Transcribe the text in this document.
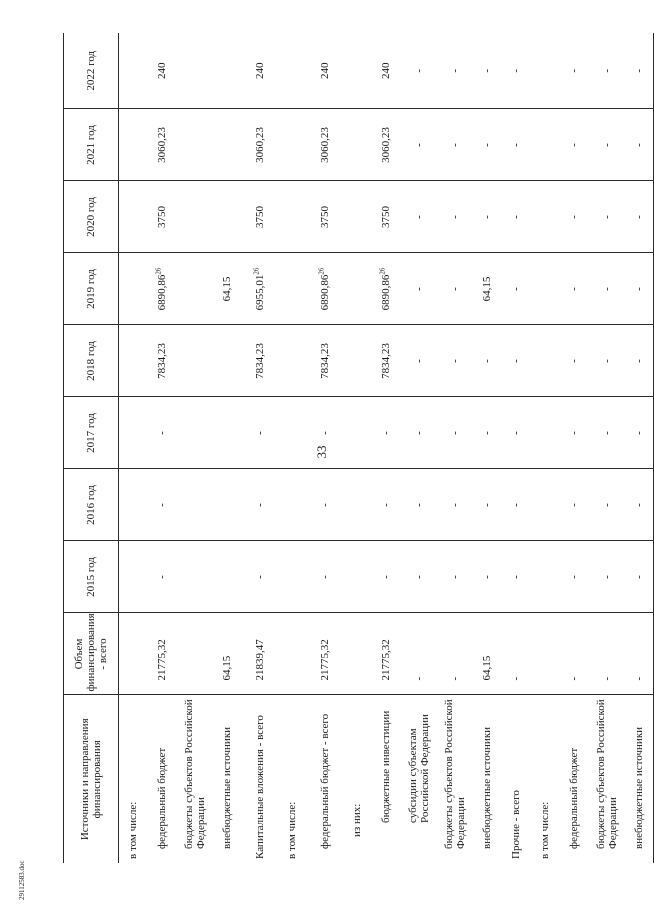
33
Источники и направления финансирования	Объем финансирования - всего	2015 год	2016 год	2017 год	2018 год	2019 год	2020 год	2021 год	2022 год
в том числе:									
федеральный бюджет	21775,32	-	-	-	7834,23	6890,86$^{26}$	3750	3060,23	240
бюджеты субъектов Российской Федерации									
внебюджетные источники	64,15					64,15			
Капитальные вложения - всего	21839,47	-	-	-	7834,23	6955,01$^{26}$	3750	3060,23	240
в том числе:									
федеральный бюджет - всего	21775,32	-	-	-	7834,23	6890,86$^{26}$	3750	3060,23	240
из них:									
бюджетные инвестиции	21775,32	-	-	-	7834,23	6890,86$^{26}$	3750	3060,23	240
субсидии субъектам Российской Федерации	-	-	-	-	-	-	-	-	-
бюджеты субъектов Российской Федерации	-	-	-	-	-	-	-	-	-
внебюджетные источники	64,15	-	-	-	-	64,15	-	-	-
Прочие - всего	-	-	-	-	-	-	-	-	-
в том числе:									
федеральный бюджет	-	-	-	-	-	-	-	-	-
бюджеты субъектов Российской Федерации	-	-	-	-	-	-	-	-	-
внебюджетные источники	-	-	-	-	-	-	-	-	-
29112583.doc
